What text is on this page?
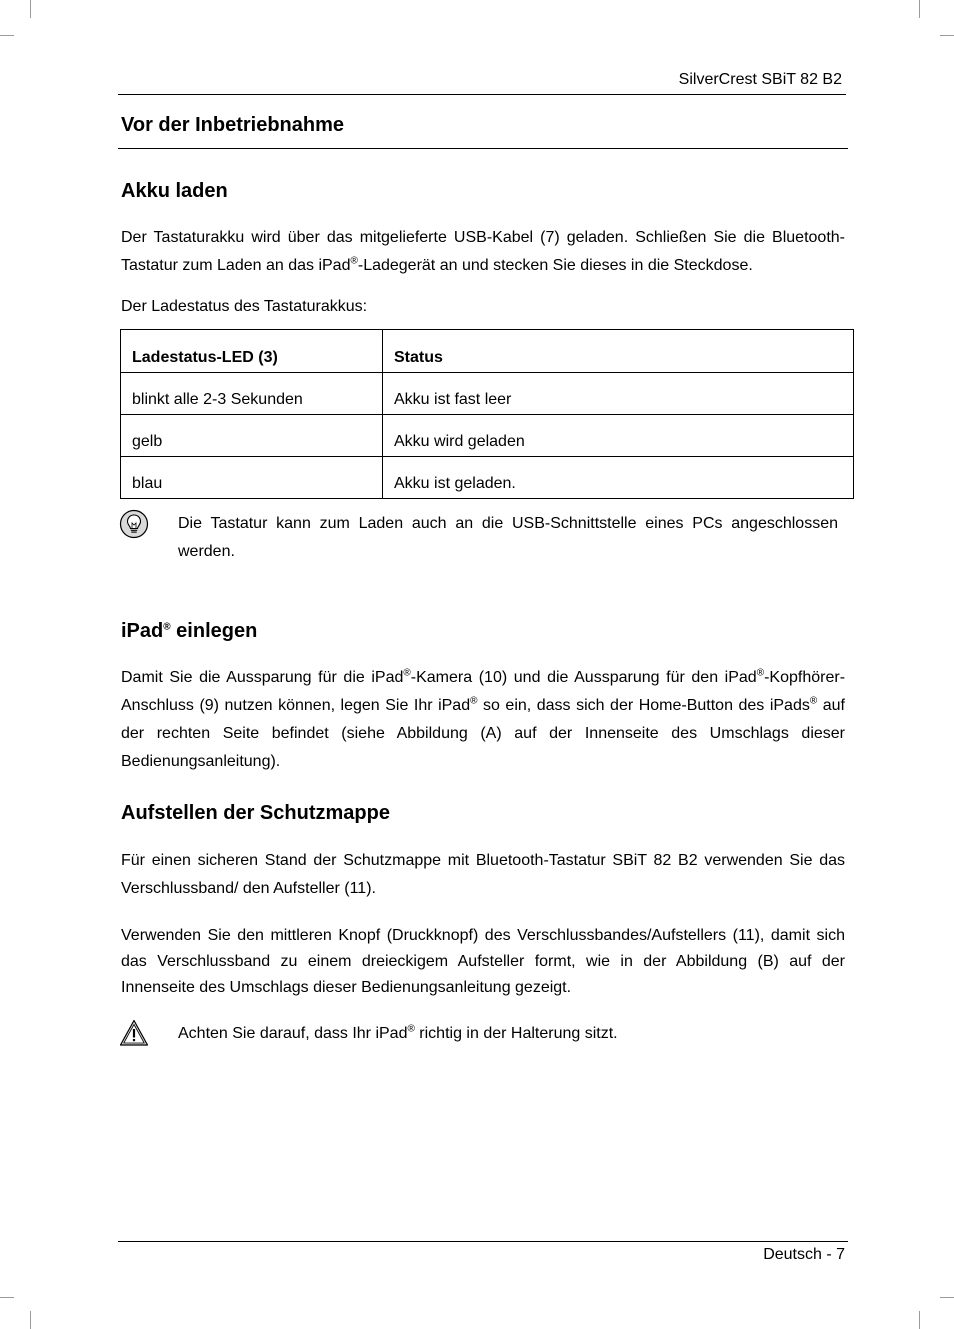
SilverCrest SBiT 82 B2
Vor der Inbetriebnahme
Akku laden

Der Tastaturakku wird über das mitgelieferte USB-Kabel (7) geladen. Schließen Sie die Bluetooth-Tastatur zum Laden an das iPad®-Ladegerät an und stecken Sie dieses in die Steckdose.

Der Ladestatus des Tastaturakkus:

Ladestatus-LED (3)	Status
blinkt alle 2-3 Sekunden	Akku ist fast leer
gelb	Akku wird geladen
blau	Akku ist geladen.

Die Tastatur kann zum Laden auch an die USB-Schnittstelle eines PCs angeschlossen werden.

iPad® einlegen

Damit Sie die Aussparung für die iPad®-Kamera (10) und die Aussparung für den iPad®-Kopfhörer-Anschluss (9) nutzen können, legen Sie Ihr iPad® so ein, dass sich der Home-Button des iPads® auf der rechten Seite befindet (siehe Abbildung (A) auf der Innenseite des Umschlags dieser Bedienungsanleitung).

Aufstellen der Schutzmappe

Für einen sicheren Stand der Schutzmappe mit Bluetooth-Tastatur SBiT 82 B2 verwenden Sie das Verschlussband/ den Aufsteller (11).

Verwenden Sie den mittleren Knopf (Druckknopf) des Verschlussbandes/Aufstellers (11), damit sich das Verschlussband zu einem dreieckigem Aufsteller formt, wie in der Abbildung (B) auf der Innenseite des Umschlags dieser Bedienungsanleitung gezeigt.

Achten Sie darauf, dass Ihr iPad® richtig in der Halterung sitzt.

Deutsch - 7
